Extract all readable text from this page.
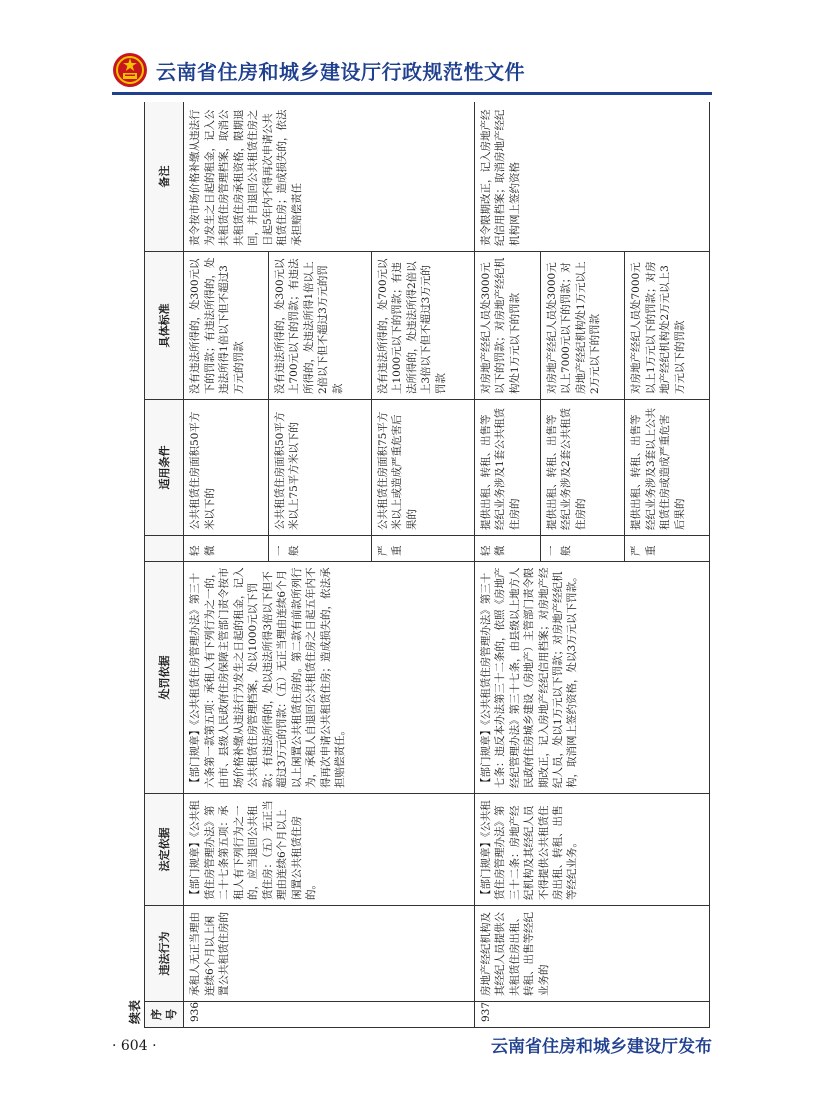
云南省住房和城乡建设厅行政规范性文件
续表 序号	违法行为	法定依据	处罚依据		适用条件	具体标准	备注
936	承租人无正当理由连续6个月以上闲置公共租赁住房的	【部门规章】《公共租赁住房管理办法》第二十七条第五项：承租人有下列行为之一的，应当退回公共租赁住房：（五）无正当理由连续6个月以上闲置公共租赁住房的。	【部门规章】《公共租赁住房管理办法》第三十六条第一款第五项：承租人有下列行为之一的，由市、县级人民政府住房保障主管部门责令按市场价格补缴从违法行为发生之日起的租金，记入公共租赁住房管理档案，处以1000元以下罚款；有违法所得的，处以违法所得3倍以下但不超过3万元的罚款：（五）无正当理由连续6个月以上闲置公共租赁住房的。第二款有前款所列行为，承租人自退回公共租赁住房之日起五年内不得再次申请公共租赁住房；造成损失的，依法承担赔偿责任。	轻微	公共租赁住房面积50平方米以下的	没有违法所得的，处300元以下的罚款；有违法所得的，处违法所得1倍以下但不超过3万元的罚款	责令按市场价格补缴从违法行为发生之日起的租金，记入公共租赁住房管理档案，取消公共租赁住房承租资格，限期退回，并自退回公共租赁住房之日起5年内不得再次申请公共租赁住房；造成损失的，依法承担赔偿责任
				一般	公共租赁住房面积50平方米以上75平方米以下的	没有违法所得的，处300元以上700元以下的罚款；有违法所得的，处违法所得1倍以上2倍以下但不超过3万元的罚款	
				严重	公共租赁住房面积75平方米以上或造成严重危害后果的	没有违法所得的，处700元以上1000元以下的罚款；有违法所得的，处违法所得2倍以上3倍以下但不超过3万元的罚款	
937	房地产经纪机构及其经纪人员提供公共租赁住房出租、转租、出售等经纪业务的	【部门规章】《公共租赁住房管理办法》第三十二条：房地产经纪机构及其经纪人员不得提供公共租赁住房出租、转租、出售等经纪业务。	【部门规章】《公共租赁住房管理办法》第三十七条：违反本办法第三十二条的，依照《房地产经纪管理办法》第三十七条，由县级以上地方人民政府住房城乡建设（房地产）主管部门责令限期改正，记入房地产经纪信用档案；对房地产经纪人员，处以1万元以下罚款；对房地产经纪机构，取消网上签约资格，处以3万元以下罚款。	轻微	提供出租、转租、出售等经纪业务涉及1套公共租赁住房的	对房地产经纪人员处3000元以下的罚款；对房地产经纪机构处1万元以下的罚款	责令限期改正，记入房地产经纪信用档案；取消房地产经纪机构网上签约资格
				一般	提供出租、转租、出售等经纪业务涉及2套公共租赁住房的	对房地产经纪人员处3000元以上7000元以下的罚款；对房地产经纪机构处1万元以上2万元以下的罚款	
				严重	提供出租、转租、出售等经纪业务涉及3套以上公共租赁住房或造成严重危害后果的	对房地产经纪人员处7000元以上1万元以下的罚款；对房地产经纪机构处2万元以上3万元以下的罚款	
· 604 ·	云南省住房和城乡建设厅发布
